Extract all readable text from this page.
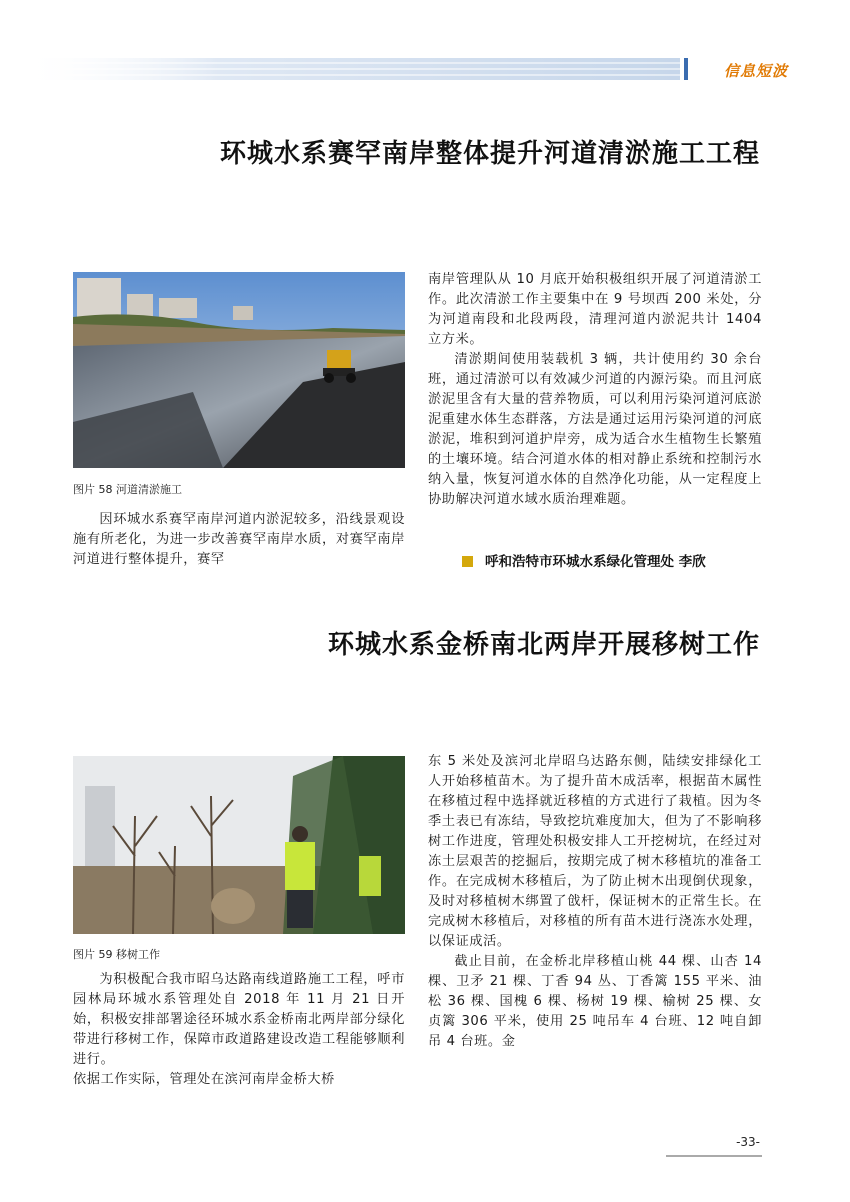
信息短波
环城水系赛罕南岸整体提升河道清淤施工工程
图片 58 河道清淤施工

因环城水系赛罕南岸河道内淤泥较多，沿线景观设施有所老化，为进一步改善赛罕南岸水质，对赛罕南岸河道进行整体提升，赛罕

南岸管理队从 10 月底开始积极组织开展了河道清淤工作。此次清淤工作主要集中在 9 号坝西 200 米处，分为河道南段和北段两段，清理河道内淤泥共计 1404 立方米。

清淤期间使用装载机 3 辆，共计使用约 30 余台班，通过清淤可以有效减少河道的内源污染。而且河底淤泥里含有大量的营养物质，可以利用污染河道河底淤泥重建水体生态群落，方法是通过运用污染河道的河底淤泥，堆积到河道护岸旁，成为适合水生植物生长繁殖的土壤环境。结合河道水体的相对静止系统和控制污水纳入量，恢复河道水体的自然净化功能，从一定程度上协助解决河道水域水质治理难题。

呼和浩特市环城水系绿化管理处 李欣
环城水系金桥南北两岸开展移树工作
图片 59 移树工作

为积极配合我市昭乌达路南线道路施工工程，呼市园林局环城水系管理处自 2018 年 11 月 21 日开始，积极安排部署途径环城水系金桥南北两岸部分绿化带进行移树工作，保障市政道路建设改造工程能够顺利进行。

依据工作实际，管理处在滨河南岸金桥大桥

东 5 米处及滨河北岸昭乌达路东侧，陆续安排绿化工人开始移植苗木。为了提升苗木成活率，根据苗木属性在移植过程中选择就近移植的方式进行了栽植。因为冬季土表已有冻结，导致挖坑难度加大，但为了不影响移树工作进度，管理处积极安排人工开挖树坑，在经过对冻土层艰苦的挖掘后，按期完成了树木移植坑的准备工作。在完成树木移植后，为了防止树木出现倒伏现象，及时对移植树木绑置了戗杆，保证树木的正常生长。在完成树木移植后，对移植的所有苗木进行浇冻水处理，以保证成活。

截止目前，在金桥北岸移植山桃 44 棵、山杏 14 棵、卫矛 21 棵、丁香 94 丛、丁香篱 155 平米、油松 36 棵、国槐 6 棵、杨树 19 棵、榆树 25 棵、女贞篱 306 平米，使用 25 吨吊车 4 台班、12 吨自卸吊 4 台班。金

-33-
